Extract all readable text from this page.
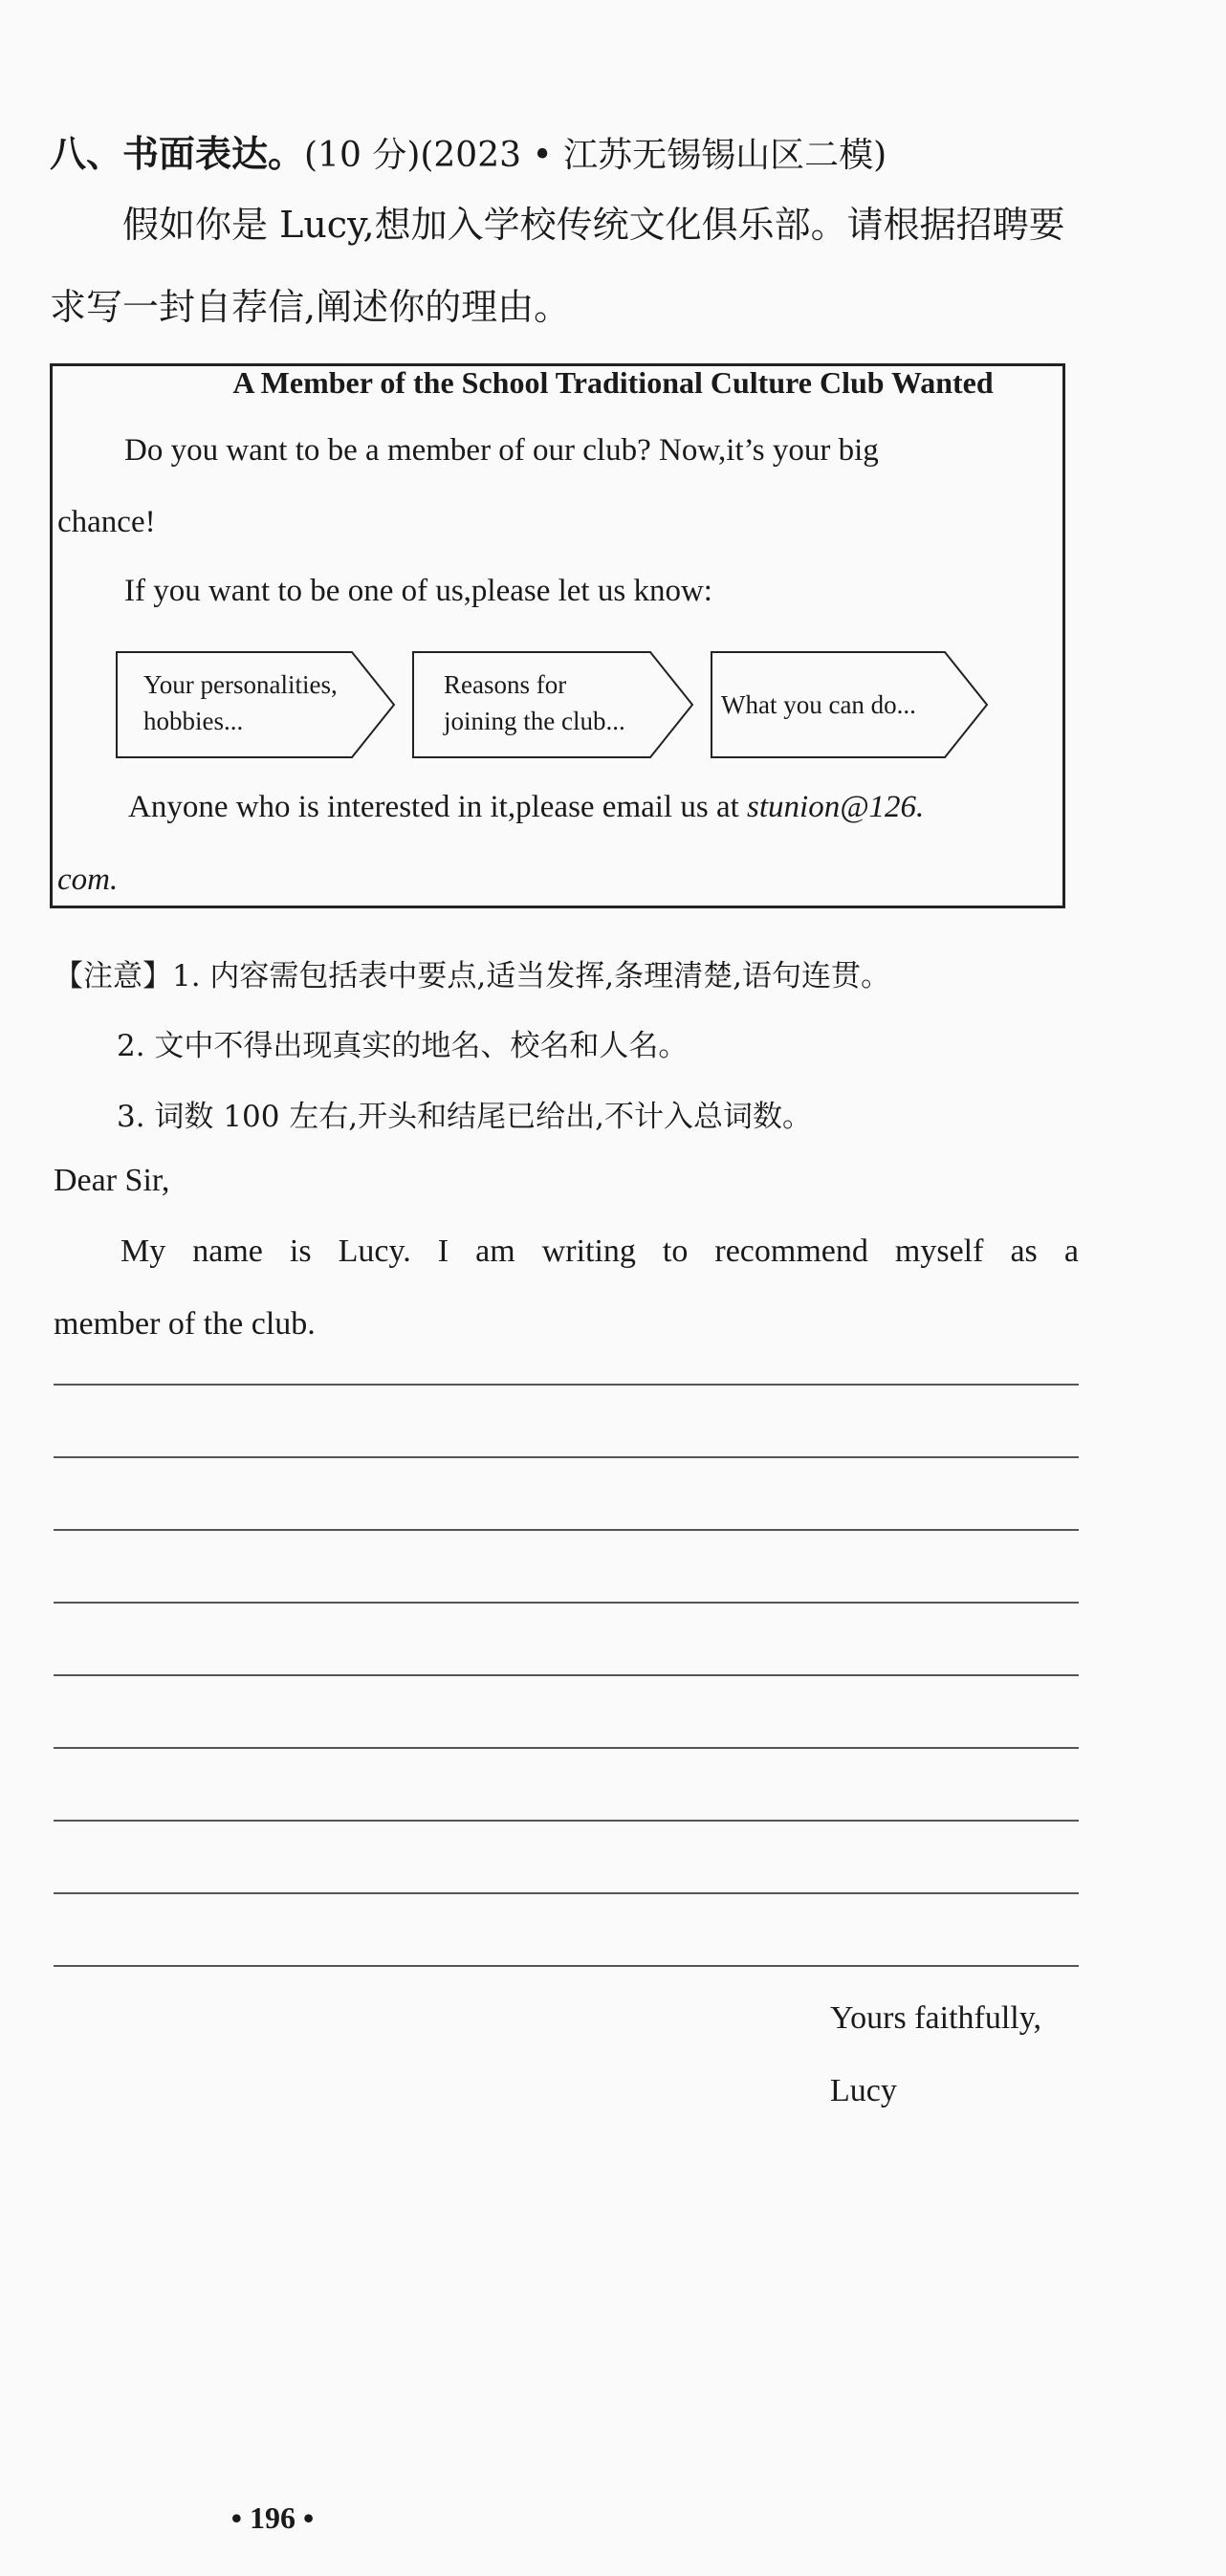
八、书面表达。(10 分)(2023 • 江苏无锡锡山区二模)
假如你是 Lucy,想加入学校传统文化俱乐部。请根据招聘要求写一封自荐信,阐述你的理由。
A Member of the School Traditional Culture Club Wanted
Do you want to be a member of our club? Now,it’s your big
chance!
If you want to be one of us,please let us know:
Your personalities,
hobbies...
Reasons for
joining the club...
What you can do...
Anyone who is interested in it,please email us at stunion@126.
com.
【注意】1. 内容需包括表中要点,适当发挥,条理清楚,语句连贯。
2. 文中不得出现真实的地名、校名和人名。
3. 词数 100 左右,开头和结尾已给出,不计入总词数。
Dear Sir,
My name is Lucy. I am writing to recommend myself as a
member of the club.
Yours faithfully,
Lucy
• 196 •
